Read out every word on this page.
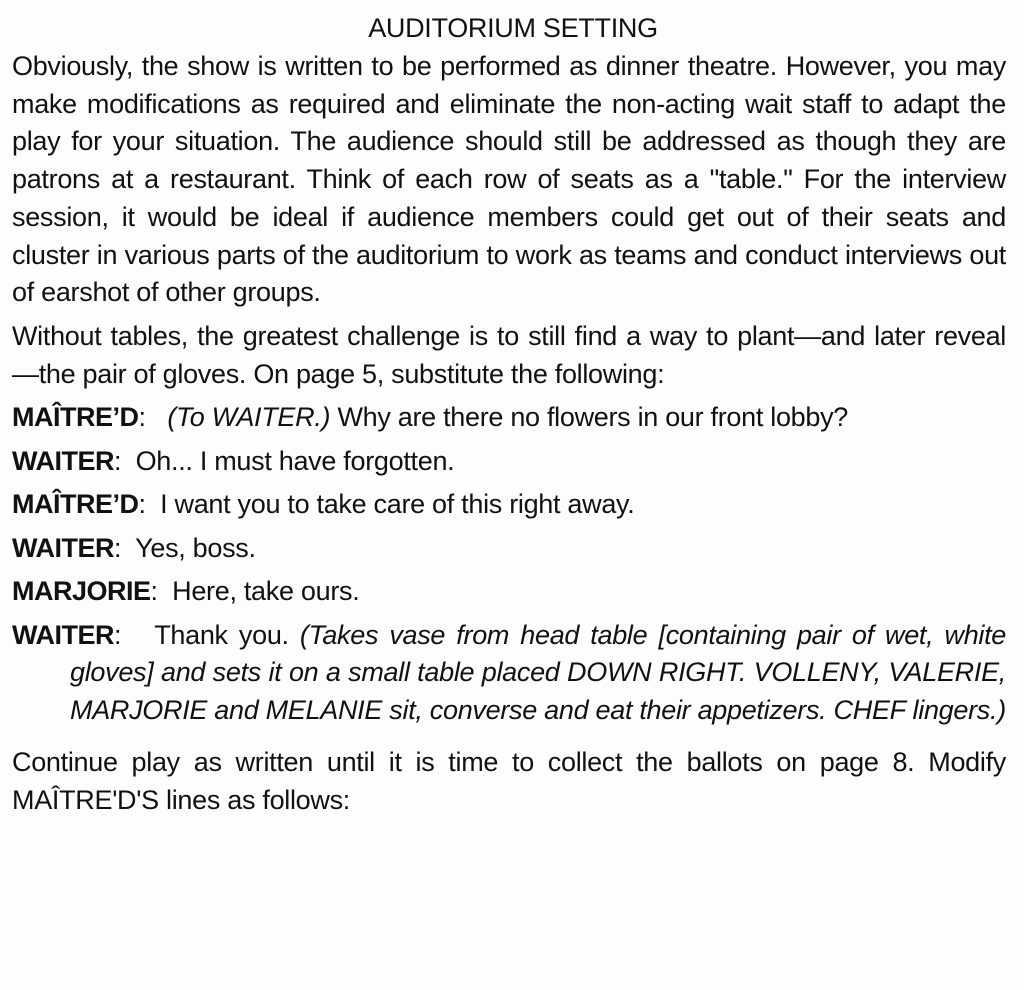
AUDITORIUM SETTING

Obviously, the show is written to be performed as dinner theatre. However, you may make modifications as required and eliminate the non-acting wait staff to adapt the play for your situation. The audience should still be addressed as though they are patrons at a restaurant. Think of each row of seats as a "table." For the interview session, it would be ideal if audience members could get out of their seats and cluster in various parts of the auditorium to work as teams and conduct interviews out of earshot of other groups.

Without tables, the greatest challenge is to still find a way to plant—and later reveal—the pair of gloves. On page 5, substitute the following:

MAÎTRE’D: (To WAITER.) Why are there no flowers in our front lobby?

WAITER: Oh... I must have forgotten.

MAÎTRE’D: I want you to take care of this right away.

WAITER: Yes, boss.

MARJORIE: Here, take ours.

WAITER: Thank you. (Takes vase from head table [containing pair of wet, white gloves] and sets it on a small table placed DOWN RIGHT. VOLLENY, VALERIE, MARJORIE and MELANIE sit, converse and eat their appetizers. CHEF lingers.)

Continue play as written until it is time to collect the ballots on page 8. Modify MAÎTRE'D'S lines as follows:
